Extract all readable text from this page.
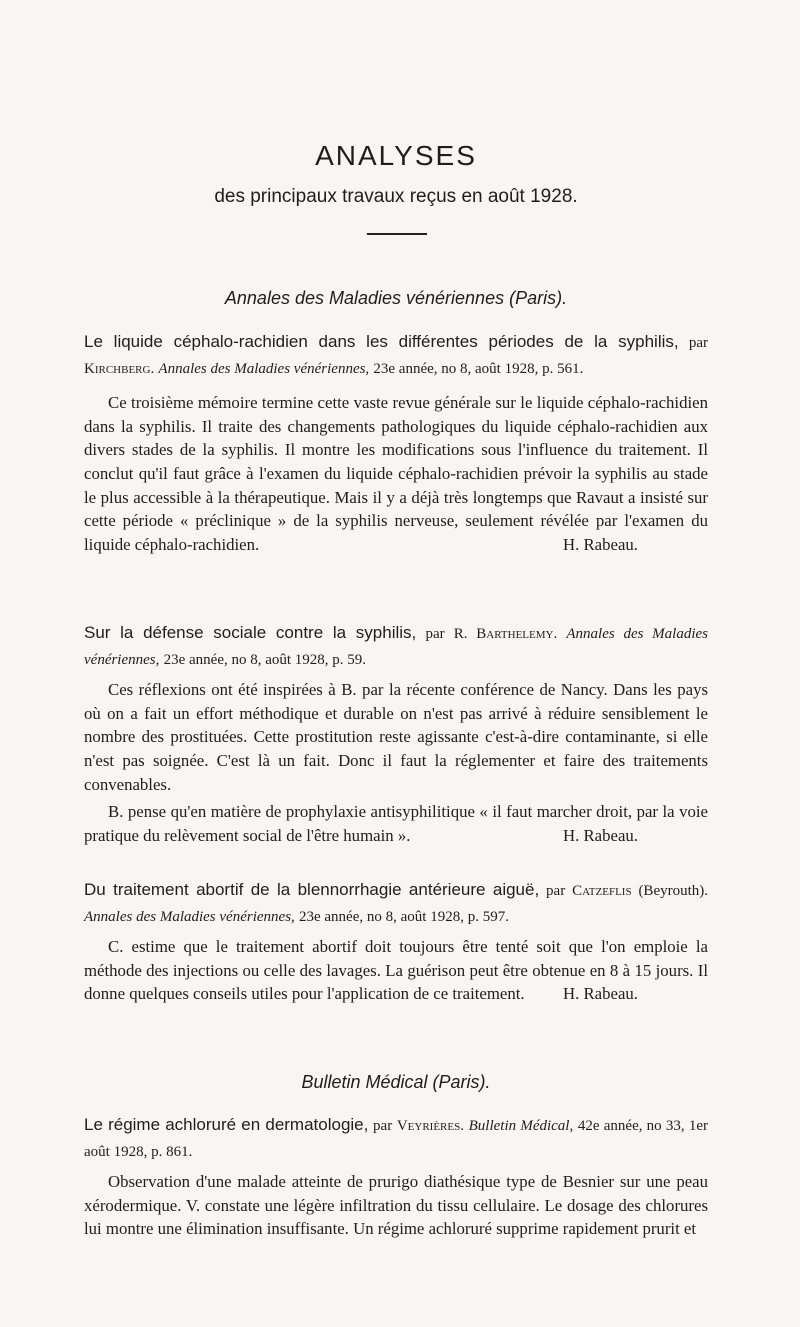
ANALYSES
des principaux travaux reçus en août 1928.
Annales des Maladies vénériennes (Paris).

Le liquide céphalo-rachidien dans les différentes périodes de la syphilis, par Kirchberg. Annales des Maladies vénériennes, 23e année, no 8, août 1928, p. 561.

Ce troisième mémoire termine cette vaste revue générale sur le liquide céphalo-rachidien dans la syphilis. Il traite des changements pathologiques du liquide céphalo-rachidien aux divers stades de la syphilis. Il montre les modifications sous l'influence du traitement. Il conclut qu'il faut grâce à l'examen du liquide céphalo-rachidien prévoir la syphilis au stade le plus accessible à la thérapeutique. Mais il y a déjà très longtemps que Ravaut a insisté sur cette période « préclinique » de la syphilis nerveuse, seulement révélée par l'examen du liquide céphalo-rachidien.	H. Rabeau.

Sur la défense sociale contre la syphilis, par R. Barthelemy. Annales des Maladies vénériennes, 23e année, no 8, août 1928, p. 59.

Ces réflexions ont été inspirées à B. par la récente conférence de Nancy. Dans les pays où on a fait un effort méthodique et durable on n'est pas arrivé à réduire sensiblement le nombre des prostituées. Cette prostitution reste agissante c'est-à-dire contaminante, si elle n'est pas soignée. C'est là un fait. Donc il faut la réglementer et faire des traitements convenables.

B. pense qu'en matière de prophylaxie antisyphilitique « il faut marcher droit, par la voie pratique du relèvement social de l'être humain ».	H. Rabeau.

Du traitement abortif de la blennorrhagie antérieure aiguë, par Catzeflis (Beyrouth). Annales des Maladies vénériennes, 23e année, no 8, août 1928, p. 597.

C. estime que le traitement abortif doit toujours être tenté soit que l'on emploie la méthode des injections ou celle des lavages. La guérison peut être obtenue en 8 à 15 jours. Il donne quelques conseils utiles pour l'application de ce traitement. H. Rabeau.

Bulletin Médical (Paris).

Le régime achloruré en dermatologie, par Veyrières. Bulletin Médical, 42e année, no 33, 1er août 1928, p. 861.

Observation d'une malade atteinte de prurigo diathésique type de Besnier sur une peau xérodermique. V. constate une légère infiltration du tissu cellulaire. Le dosage des chlorures lui montre une élimination insuffisante. Un régime achloruré supprime rapidement prurit et
